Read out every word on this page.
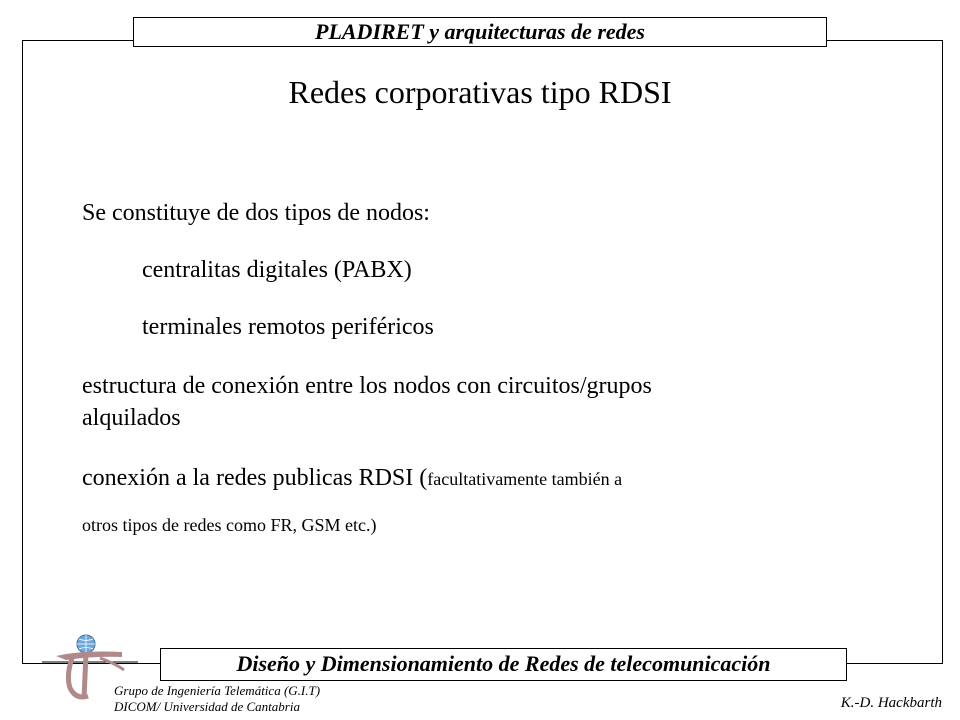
PLADIRET y arquitecturas de redes
Redes corporativas tipo RDSI
Se constituye de dos tipos de nodos:
centralitas digitales (PABX)
terminales remotos periféricos
estructura de conexión entre los nodos con circuitos/grupos
alquilados
conexión a la redes publicas RDSI (facultativamente también a
otros tipos de redes como FR, GSM etc.)
Diseño y Dimensionamiento de Redes de telecomunicación
Grupo de Ingeniería Telemática (G.I.T)
DICOM/ Universidad de Cantabria	K.-D. Hackbarth
